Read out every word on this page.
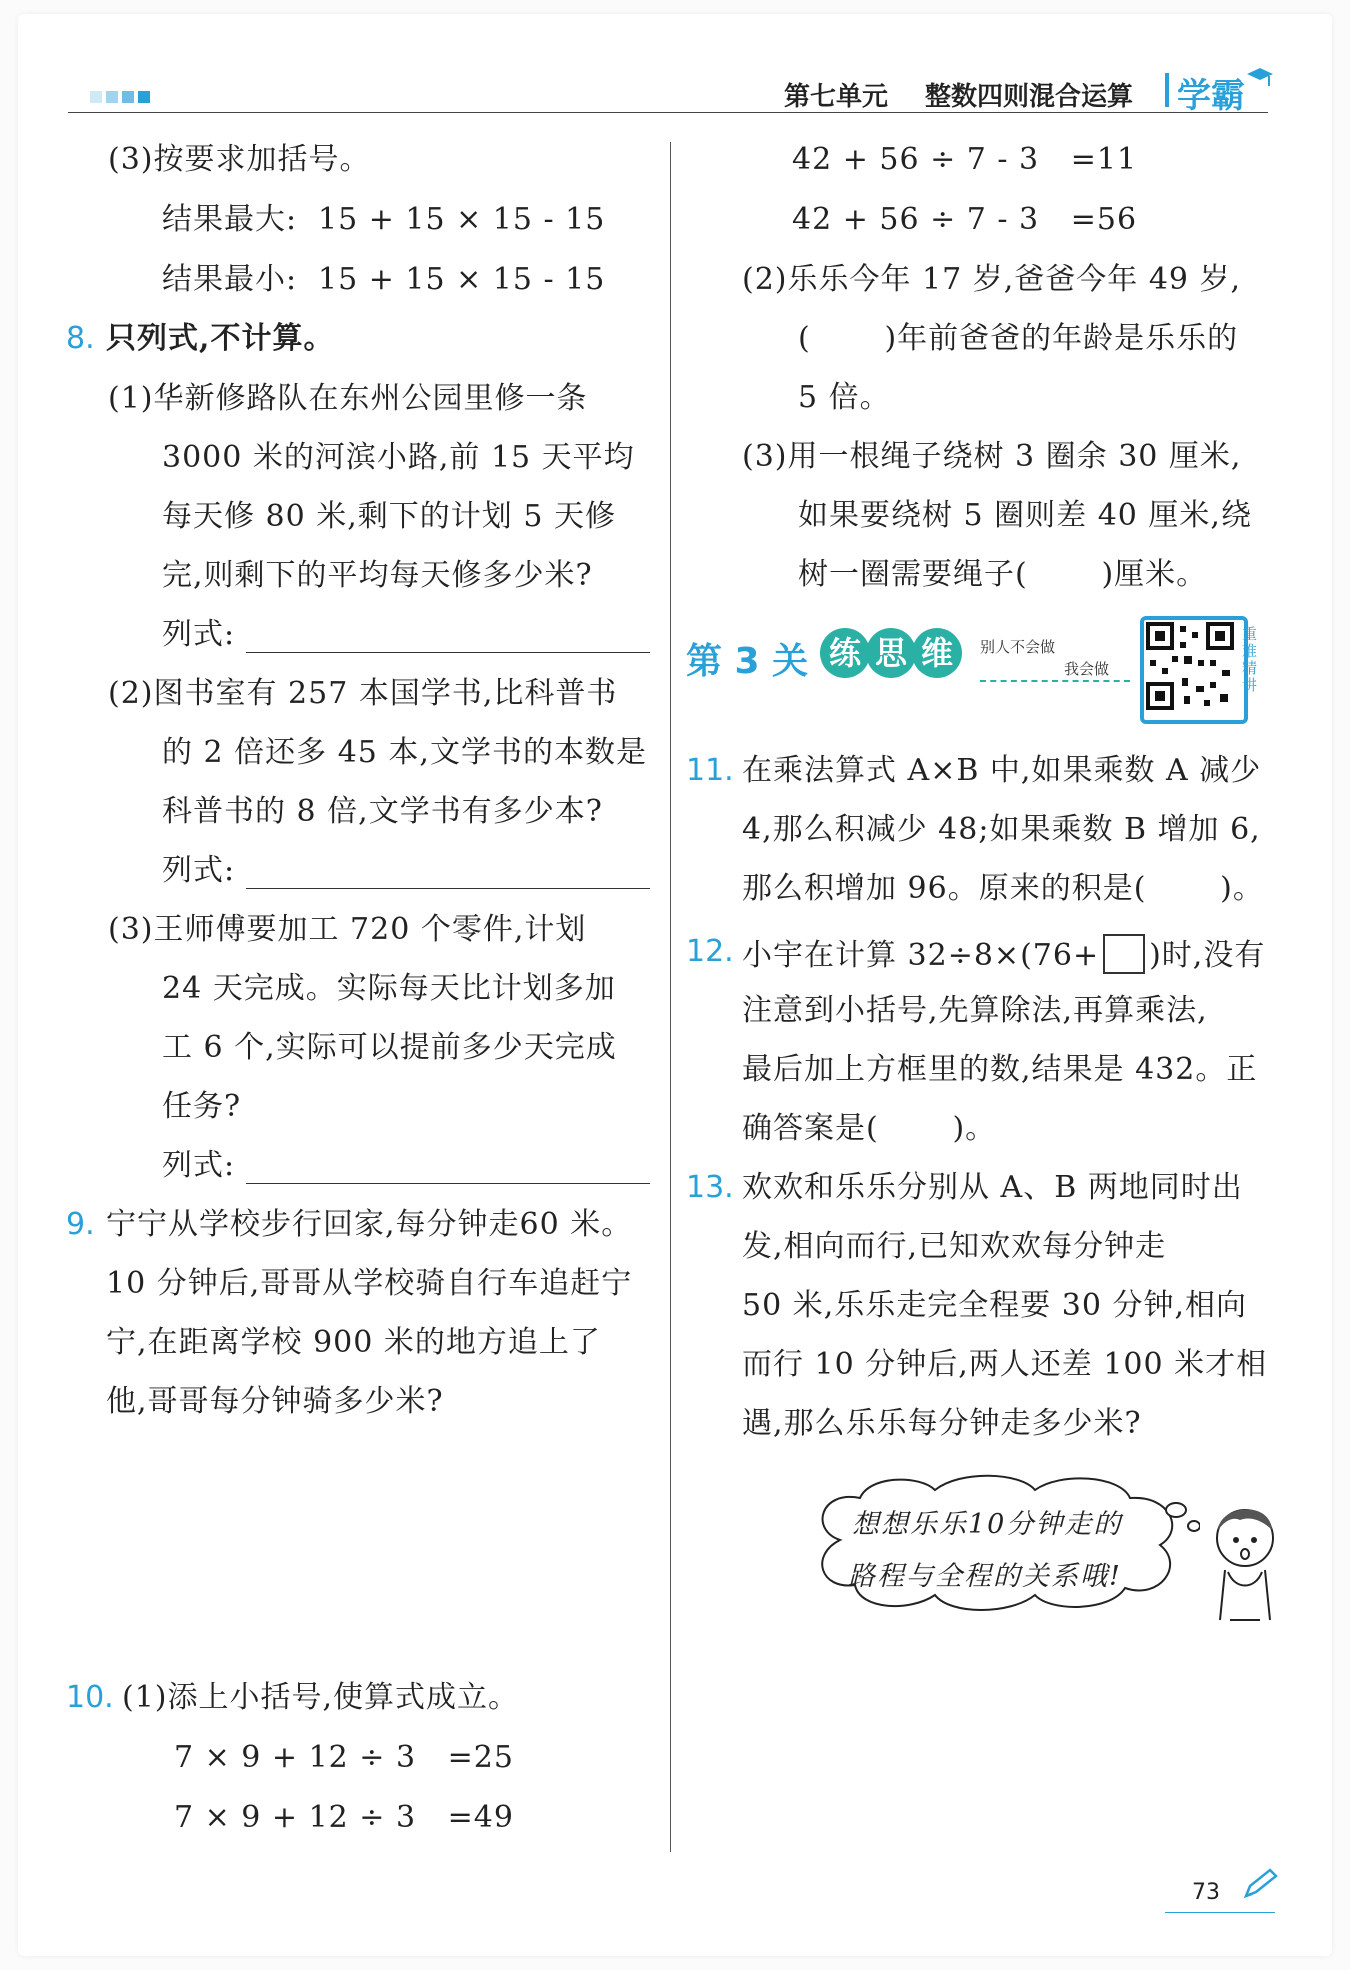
第七单元 整数四则混合运算 学霸
(3)按要求加括号。
结果最大: 15 + 15 × 15 - 15
结果最小: 15 + 15 × 15 - 15
8. 只列式,不计算。
(1)华新修路队在东州公园里修一条
3000 米的河滨小路,前 15 天平均
每天修 80 米,剩下的计划 5 天修
完,则剩下的平均每天修多少米?
列式:
(2)图书室有 257 本国学书,比科普书
的 2 倍还多 45 本,文学书的本数是
科普书的 8 倍,文学书有多少本?
列式:
(3)王师傅要加工 720 个零件,计划
24 天完成。实际每天比计划多加
工 6 个,实际可以提前多少天完成
任务?
列式:
9. 宁宁从学校步行回家,每分钟走60 米。
10 分钟后,哥哥从学校骑自行车追赶宁
宁,在距离学校 900 米的地方追上了
他,哥哥每分钟骑多少米?
10. (1)添上小括号,使算式成立。
7 × 9 + 12 ÷ 3   =25
7 × 9 + 12 ÷ 3   =49
42 + 56 ÷ 7 - 3   =11
42 + 56 ÷ 7 - 3   =56
(2)乐乐今年 17 岁,爸爸今年 49 岁,
(       )年前爸爸的年龄是乐乐的
5 倍。
(3)用一根绳子绕树 3 圈余 30 厘米,
如果要绕树 5 圈则差 40 厘米,绕
树一圈需要绳子(       )厘米。
第 3 关 练 思 维	别人不会做
我会做
重难精讲
11. 在乘法算式 A×B 中,如果乘数 A 减少
4,那么积减少 48;如果乘数 B 增加 6,
那么积增加 96。原来的积是(       )。
12. 小宇在计算 32÷8×(76+ )时,没有
注意到小括号,先算除法,再算乘法,
最后加上方框里的数,结果是 432。正
确答案是(       )。
13. 欢欢和乐乐分别从 A、B 两地同时出
发,相向而行,已知欢欢每分钟走
50 米,乐乐走完全程要 30 分钟,相向
而行 10 分钟后,两人还差 100 米才相
遇,那么乐乐每分钟走多少米?
想想乐乐10分钟走的
路程与全程的关系哦!
73
